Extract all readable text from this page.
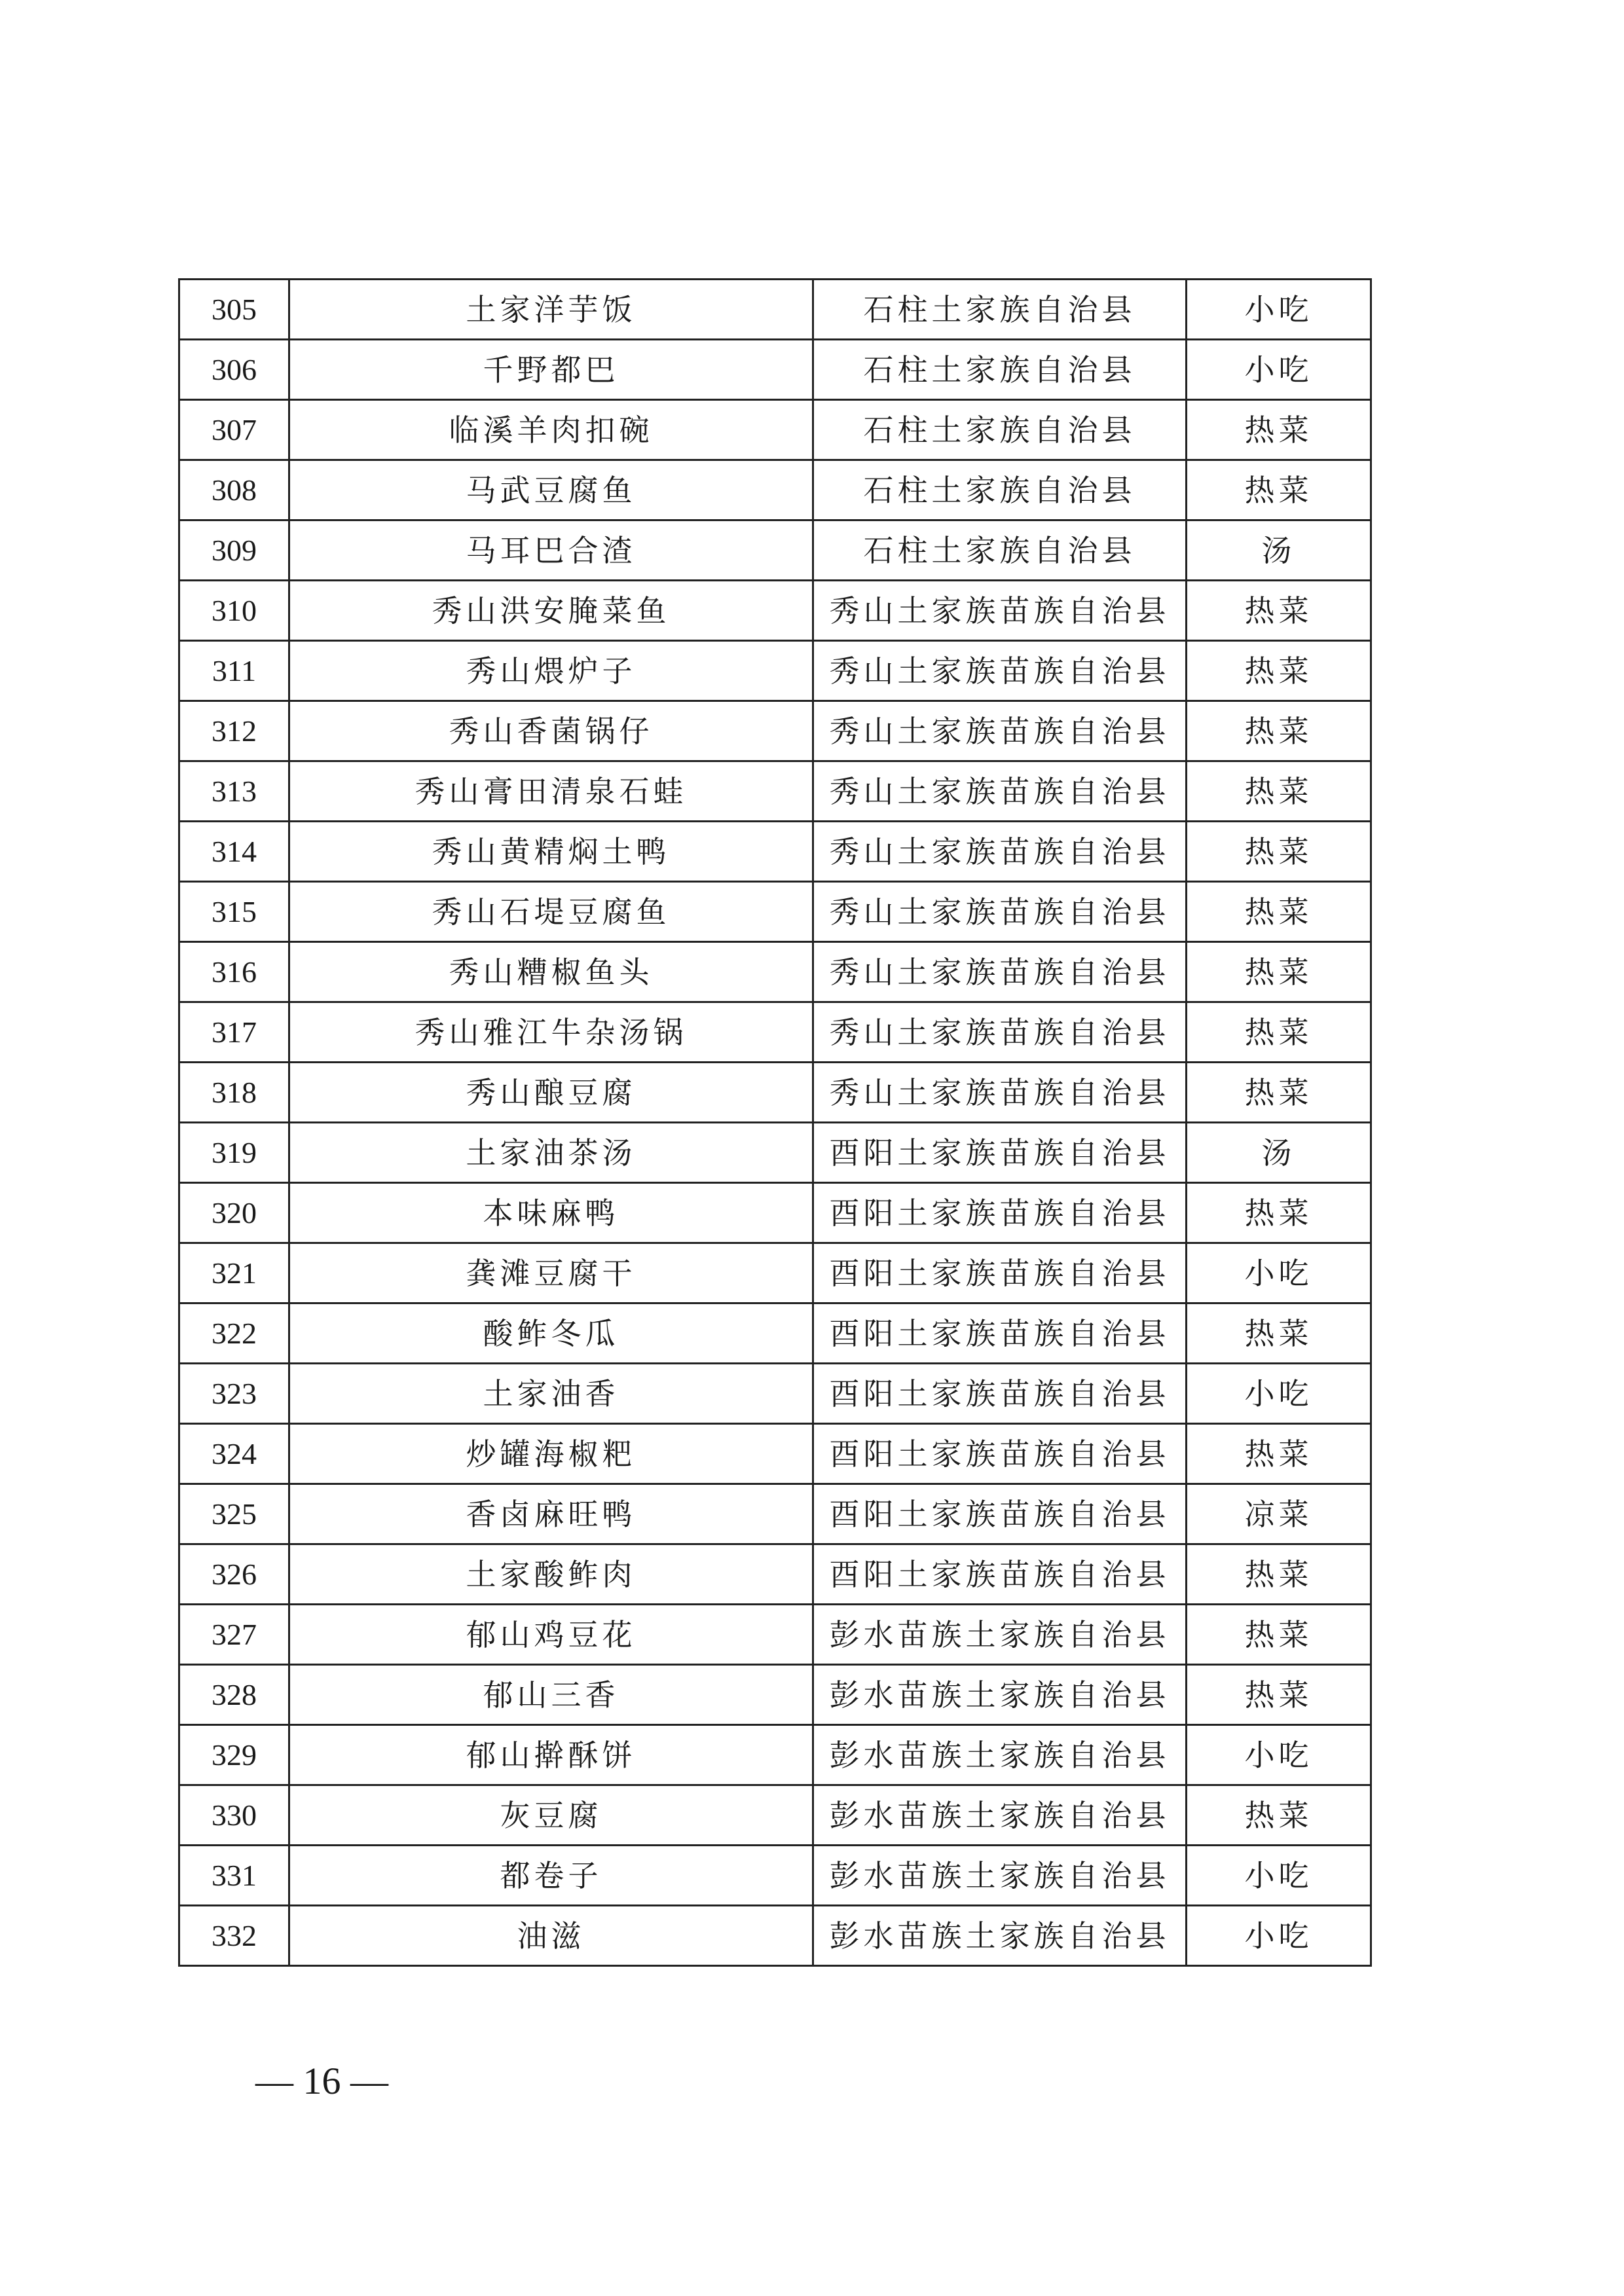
305	土家洋芋饭	石柱土家族自治县	小吃
306	千野都巴	石柱土家族自治县	小吃
307	临溪羊肉扣碗	石柱土家族自治县	热菜
308	马武豆腐鱼	石柱土家族自治县	热菜
309	马耳巴合渣	石柱土家族自治县	汤
310	秀山洪安腌菜鱼	秀山土家族苗族自治县	热菜
311	秀山煨炉子	秀山土家族苗族自治县	热菜
312	秀山香菌锅仔	秀山土家族苗族自治县	热菜
313	秀山膏田清泉石蛙	秀山土家族苗族自治县	热菜
314	秀山黄精焖土鸭	秀山土家族苗族自治县	热菜
315	秀山石堤豆腐鱼	秀山土家族苗族自治县	热菜
316	秀山糟椒鱼头	秀山土家族苗族自治县	热菜
317	秀山雅江牛杂汤锅	秀山土家族苗族自治县	热菜
318	秀山酿豆腐	秀山土家族苗族自治县	热菜
319	土家油茶汤	酉阳土家族苗族自治县	汤
320	本味麻鸭	酉阳土家族苗族自治县	热菜
321	龚滩豆腐干	酉阳土家族苗族自治县	小吃
322	酸鲊冬瓜	酉阳土家族苗族自治县	热菜
323	土家油香	酉阳土家族苗族自治县	小吃
324	炒罐海椒粑	酉阳土家族苗族自治县	热菜
325	香卤麻旺鸭	酉阳土家族苗族自治县	凉菜
326	土家酸鲊肉	酉阳土家族苗族自治县	热菜
327	郁山鸡豆花	彭水苗族土家族自治县	热菜
328	郁山三香	彭水苗族土家族自治县	热菜
329	郁山擀酥饼	彭水苗族土家族自治县	小吃
330	灰豆腐	彭水苗族土家族自治县	热菜
331	都卷子	彭水苗族土家族自治县	小吃
332	油滋	彭水苗族土家族自治县	小吃
— 16 —
